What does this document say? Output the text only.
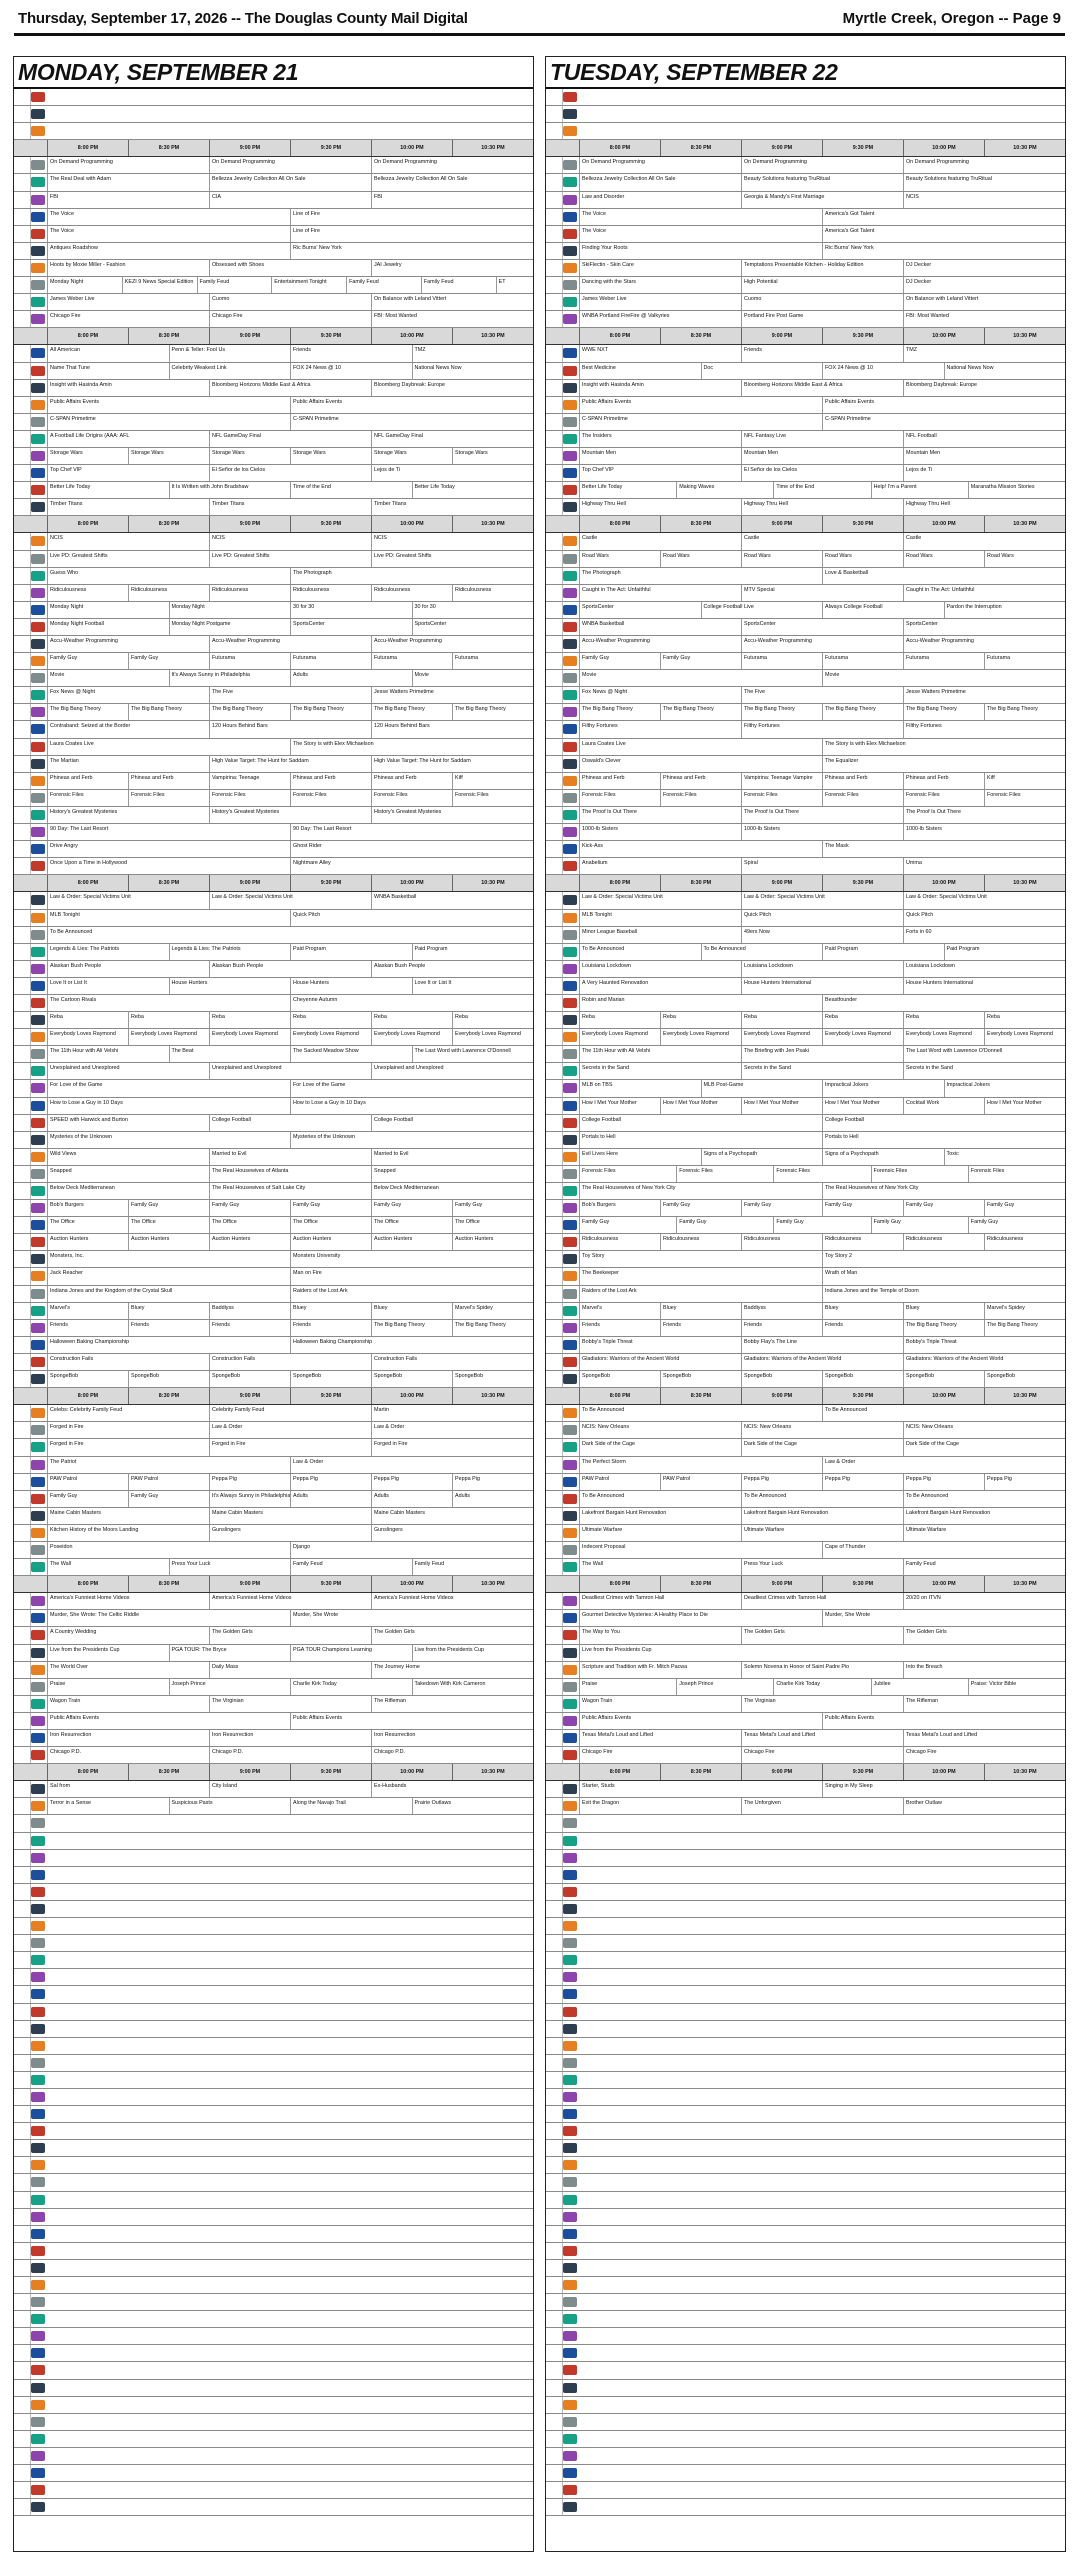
Thursday, September 17, 2026 -- The Douglas County Mail Digital	Myrtle Creek, Oregon -- Page 9
MONDAY, SEPTEMBER 21
8:00 PM	8:30 PM	9:00 PM	9:30 PM	10:00 PM	10:30 PM
On Demand Programming	On Demand Programming	On Demand Programming
The Real Deal with Adam	Bellezza Jewelry Collection All On Sale	Bellezza Jewelry Collection All On Sale
FBI	CIA	FBI
The Voice	Line of Fire
The Voice	Line of Fire
Antiques Roadshow	Ric Burns' New York
Hoots by Moxie Miller - Fashion	Obsessed with Shoes	JAI Jewelry
Monday Night	KEZI 9 News Special Edition	Family Feud	Entertainment Tonight	Family Feud	Family Feud	ET
James Weber Live	Cuomo	On Balance with Leland Vittert
Chicago Fire	Chicago Fire	FBI: Most Wanted
8:00 PM	8:30 PM	9:00 PM	9:30 PM	10:00 PM	10:30 PM
All American	Penn & Teller: Fool Us	Friends	TMZ
Name That Tune	Celebrity Weakest Link	FOX 24 News @ 10	National News Now
Insight with Hasinda Amin	Bloomberg Horizons Middle East & Africa	Bloomberg Daybreak: Europe
Public Affairs Events	Public Affairs Events
C-SPAN Primetime	C-SPAN Primetime
A Football Life Origins (AAA: AFL	NFL GameDay Final	NFL GameDay Final
Storage Wars	Storage Wars	Storage Wars	Storage Wars	Storage Wars	Storage Wars
Top Chef VIP	El Señor de los Cielos	Lejos de Ti
Better Life Today	It Is Written with John Bradshaw	Time of the End	Better Life Today
Timber Titans	Timber Titans	Timber Titans
8:00 PM	8:30 PM	9:00 PM	9:30 PM	10:00 PM	10:30 PM
NCIS	NCIS	NCIS
Live PD: Greatest Shifts	Live PD: Greatest Shifts	Live PD: Greatest Shifts
Guess Who	The Photograph
Ridiculousness	Ridiculousness	Ridiculousness	Ridiculousness	Ridiculousness	Ridiculousness
Monday Night	Monday Night	30 for 30	30 for 30
Monday Night Football	Monday Night Postgame	SportsCenter	SportsCenter
Accu-Weather Programming	Accu-Weather Programming	Accu-Weather Programming
Family Guy	Family Guy	Futurama	Futurama	Futurama	Futurama
Movie	It's Always Sunny in Philadelphia	Adults	Movie
Fox News @ Night	The Five	Jesse Watters Primetime
The Big Bang Theory	The Big Bang Theory	The Big Bang Theory	The Big Bang Theory	The Big Bang Theory	The Big Bang Theory
Contraband: Seized at the Border	120 Hours Behind Bars	120 Hours Behind Bars
Laura Coates Live	The Story is with Elex Michaelson
The Martian	High Value Target: The Hunt for Saddam	High Value Target: The Hunt for Saddam
Phineas and Ferb	Phineas and Ferb	Vampirina: Teenage	Phineas and Ferb	Phineas and Ferb	Kiff
Forensic Files	Forensic Files	Forensic Files	Forensic Files	Forensic Files	Forensic Files
History's Greatest Mysteries	History's Greatest Mysteries	History's Greatest Mysteries
90 Day: The Last Resort	90 Day: The Last Resort
Drive Angry	Ghost Rider
Once Upon a Time in Hollywood	Nightmare Alley
8:00 PM	8:30 PM	9:00 PM	9:30 PM	10:00 PM	10:30 PM
Law & Order: Special Victims Unit	Law & Order: Special Victims Unit	WNBA Basketball
MLB Tonight	Quick Pitch
To Be Announced
Legends & Lies: The Patriots	Legends & Lies: The Patriots	Paid Program	Paid Program
Alaskan Bush People	Alaskan Bush People	Alaskan Bush People
Love It or List It	House Hunters	House Hunters	Love It or List It
The Cartoon Rivals	Cheyenne Autumn
Reba	Reba	Reba	Reba	Reba	Reba
Everybody Loves Raymond	Everybody Loves Raymond	Everybody Loves Raymond	Everybody Loves Raymond	Everybody Loves Raymond	Everybody Loves Raymond
The 11th Hour with Ali Velshi	The Beat	The Sacked Meadow Show	The Last Word with Lawrence O'Donnell
Unexplained and Unexplored	Unexplained and Unexplored	Unexplained and Unexplored
For Love of the Game	For Love of the Game
How to Lose a Guy in 10 Days	How to Lose a Guy in 10 Days
SPEED with Harwick and Burton	College Football	College Football
Mysteries of the Unknown	Mysteries of the Unknown
Wild Views	Married to Evil	Married to Evil
Snapped	The Real Housewives of Atlanta	Snapped
Below Deck Mediterranean	The Real Housewives of Salt Lake City	Below Deck Mediterranean
Bob's Burgers	Family Guy	Family Guy	Family Guy	Family Guy	Family Guy
The Office	The Office	The Office	The Office	The Office	The Office
Auction Hunters	Auction Hunters	Auction Hunters	Auction Hunters	Auction Hunters	Auction Hunters
Monsters, Inc.	Monsters University
Jack Reacher	Man on Fire
Indiana Jones and the Kingdom of the Crystal Skull	Raiders of the Lost Ark
Marvel's	Bluey	Baddiyss	Bluey	Bluey	Marvel's Spidey
Friends	Friends	Friends	Friends	The Big Bang Theory	The Big Bang Theory
Halloween Baking Championship	Halloween Baking Championship
Construction Fails	Construction Fails	Construction Fails
SpongeBob	SpongeBob	SpongeBob	SpongeBob	SpongeBob	SpongeBob
8:00 PM	8:30 PM	9:00 PM	9:30 PM	10:00 PM	10:30 PM
Celebs: Celebrity Family Feud	Celebrity Family Feud	Martin
Forged in Fire	Law & Order	Law & Order
Forged in Fire	Forged in Fire	Forged in Fire
The Patriot	Law & Order
PAW Patrol	PAW Patrol	Peppa Pig	Peppa Pig	Peppa Pig	Peppa Pig
Family Guy	Family Guy	It's Always Sunny in Philadelphia Adults	Adults	Adults
Maine Cabin Masters	Maine Cabin Masters	Maine Cabin Masters
Kitchen History of the Moors Landing	Gunslingers	Gunslingers
Poseidon	Django
The Wall	Press Your Luck	Family Feud	Family Feud
8:00 PM	8:30 PM	9:00 PM	9:30 PM	10:00 PM	10:30 PM
America's Funniest Home Videos	America's Funniest Home Videos	America's Funniest Home Videos
Murder, She Wrote: The Celtic Riddle	Murder, She Wrote
A Country Wedding	The Golden Girls	The Golden Girls
Live from the Presidents Cup	PGA TOUR: The Bryce	PGA TOUR Champions Learning	Live from the Presidents Cup
The World Over	Daily Mass	The Journey Home
Praise	Joseph Prince	Charlie Kirk Today	Takedown With Kirk Cameron
Wagon Train	The Virginian	The Rifleman
Public Affairs Events	Public Affairs Events
Iron Resurrection	Iron Resurrection	Iron Resurrection
Chicago P.D.	Chicago P.D.	Chicago P.D.
8:00 PM	8:30 PM	9:00 PM	9:30 PM	10:00 PM	10:30 PM
Sal from	City Island	Ex-Husbands
Terror in a Sense	Suspicious Pasts	Along the Navajo Trail	Prairie Outlaws
TUESDAY, SEPTEMBER 22
8:00 PM	8:30 PM	9:00 PM	9:30 PM	10:00 PM	10:30 PM
On Demand Programming	On Demand Programming	On Demand Programming
Bellezza Jewelry Collection All On Sale	Beauty Solutions featuring TruRitual	Beauty Solutions featuring TruRitual
Law and Disorder	Georgia & Mandy's First Marriage	NCIS
The Voice	America's Got Talent
The Voice	America's Got Talent
Finding Your Roots	Ric Burns' New York
SkiFlectin - Skin Care	Temptations Presentable Kitchen - Holiday Edition	DJ Decker
Dancing with the Stars	High Potential	DJ Decker
James Weber Live	Cuomo	On Balance with Leland Vittert
WNBA Portland FireFire @ Valkyries	Portland Fire Post Game	FBI: Most Wanted
8:00 PM	8:30 PM	9:00 PM	9:30 PM	10:00 PM	10:30 PM
WWE NXT	Friends	TMZ
Best Medicine	Doc	FOX 24 News @ 10	National News Now
Insight with Hasinda Amin	Bloomberg Horizons Middle East & Africa	Bloomberg Daybreak: Europe
Public Affairs Events	Public Affairs Events
C-SPAN Primetime	C-SPAN Primetime
The Insiders	NFL Fantasy Live	NFL Football
Mountain Men	Mountain Men	Mountain Men
Top Chef VIP	El Señor de los Cielos	Lejos de Ti
Better Life Today	Making Waves	Time of the End	Help! I'm a Parent	Maranatha Mission Stories
Highway Thru Hell	Highway Thru Hell	Highway Thru Hell
8:00 PM	8:30 PM	9:00 PM	9:30 PM	10:00 PM	10:30 PM
Castle	Castle	Castle
Road Wars	Road Wars	Road Wars	Road Wars	Road Wars	Road Wars
The Photograph	Love & Basketball
Caught in The Act: Unfaithful	MTV Special	Caught in The Act: Unfaithful
SportsCenter	College Football Live	Always College Football	Pardon the Interruption
WNBA Basketball	SportsCenter	SportsCenter
Accu-Weather Programming	Accu-Weather Programming	Accu-Weather Programming
Family Guy	Family Guy	Futurama	Futurama	Futurama	Futurama
Movie	Movie
Fox News @ Night	The Five	Jesse Watters Primetime
The Big Bang Theory	The Big Bang Theory	The Big Bang Theory	The Big Bang Theory	The Big Bang Theory	The Big Bang Theory
Filthy Fortunes	Filthy Fortunes	Filthy Fortunes
Laura Coates Live	The Story is with Elex Michaelson
Oswald's Clever	The Equalizer
Phineas and Ferb	Phineas and Ferb	Vampirina: Teenage Vampire	Phineas and Ferb	Phineas and Ferb	Kiff
Forensic Files	Forensic Files	Forensic Files	Forensic Files	Forensic Files	Forensic Files
The Proof Is Out There	The Proof Is Out There	The Proof Is Out There
1000-lb Sisters	1000-lb Sisters	1000-lb Sisters
Kick-Ass	The Mask
Anabelium	Spiral	Umma
8:00 PM	8:30 PM	9:00 PM	9:30 PM	10:00 PM	10:30 PM
Law & Order: Special Victims Unit	Law & Order: Special Victims Unit	Law & Order: Special Victims Unit
MLB Tonight	Quick Pitch	Quick Pitch
Minor League Baseball	49ers Now	Forts in 60
To Be Announced	To Be Announced	Paid Program	Paid Program
Louisiana Lockdown	Louisiana Lockdown	Louisiana Lockdown
A Very Haunted Renovation	House Hunters International	House Hunters International
Robin and Marian	Beastfounder
Reba	Reba	Reba	Reba	Reba	Reba
Everybody Loves Raymond	Everybody Loves Raymond	Everybody Loves Raymond	Everybody Loves Raymond	Everybody Loves Raymond	Everybody Loves Raymond
The 11th Hour with Ali Velshi	The Briefing with Jen Psaki	The Last Word with Lawrence O'Donnell
Secrets in the Sand	Secrets in the Sand	Secrets in the Sand
MLB on TBS	MLB Post-Game	Impractical Jokers	Impractical Jokers
How I Met Your Mother	How I Met Your Mother	How I Met Your Mother	How I Met Your Mother	Cocktail Work	How I Met Your Mother
College Football	College Football
Portals to Hell	Portals to Hell
Evil Lives Here	Signs of a Psychopath	Signs of a Psychopath	Toxic
Forensic Files	Forensic Files	Forensic Files	Forensic Files	Forensic Files
The Real Housewives of New York City	The Real Housewives of New York City
Bob's Burgers	Family Guy	Family Guy	Family Guy	Family Guy	Family Guy
Family Guy	Family Guy	Family Guy	Family Guy	Family Guy
Ridiculousness	Ridiculousness	Ridiculousness	Ridiculousness	Ridiculousness	Ridiculousness
Toy Story	Toy Story 2
The Beekeeper	Wrath of Man
Raiders of the Lost Ark	Indiana Jones and the Temple of Doom
Marvel's	Bluey	Baddiyss	Bluey	Bluey	Marvel's Spidey
Friends	Friends	Friends	Friends	The Big Bang Theory	The Big Bang Theory
Bobby's Triple Threat	Bobby Flay's The Line	Bobby's Triple Threat
Gladiators: Warriors of the Ancient World	Gladiators: Warriors of the Ancient World	Gladiators: Warriors of the Ancient World
SpongeBob	SpongeBob	SpongeBob	SpongeBob	SpongeBob	SpongeBob
8:00 PM	8:30 PM	9:00 PM	9:30 PM	10:00 PM	10:30 PM
To Be Announced	To Be Announced
NCIS: New Orleans	NCIS: New Orleans	NCIS: New Orleans
Dark Side of the Cage	Dark Side of the Cage	Dark Side of the Cage
The Perfect Storm	Law & Order
PAW Patrol	PAW Patrol	Peppa Pig	Peppa Pig	Peppa Pig	Peppa Pig
To Be Announced	To Be Announced	To Be Announced
Lakefront Bargain Hunt Renovation	Lakefront Bargain Hunt Renovation	Lakefront Bargain Hunt Renovation
Ultimate Warfare	Ultimate Warfare	Ultimate Warfare
Indecent Proposal	Cape of Thunder
The Wall	Press Your Luck	Family Feud
8:00 PM	8:30 PM	9:00 PM	9:30 PM	10:00 PM	10:30 PM
Deadliest Crimes with Tamron Hall	Deadliest Crimes with Tamron Hall	20/20 on ITVN
Gourmet Detective Mysteries: A Healthy Place to Die	Murder, She Wrote
The Way to You	The Golden Girls	The Golden Girls
Live from the Presidents Cup
Scripture and Tradition with Fr. Mitch Pacwa	Solemn Novena in Honor of Saint Padre Pio	Into the Breach
Praise	Joseph Prince	Charlie Kirk Today	Jubilee	Praise: Victor Bible
Wagon Train	The Virginian	The Rifleman
Public Affairs Events	Public Affairs Events
Texas Metal's Loud and Lifted	Texas Metal's Loud and Lifted	Texas Metal's Loud and Lifted
Chicago Fire	Chicago Fire	Chicago Fire
8:00 PM	8:30 PM	9:00 PM	9:30 PM	10:00 PM	10:30 PM
Starter, Studs	Singing in My Sleep
Exit the Dragon	The Unforgiven	Brother Outlaw
